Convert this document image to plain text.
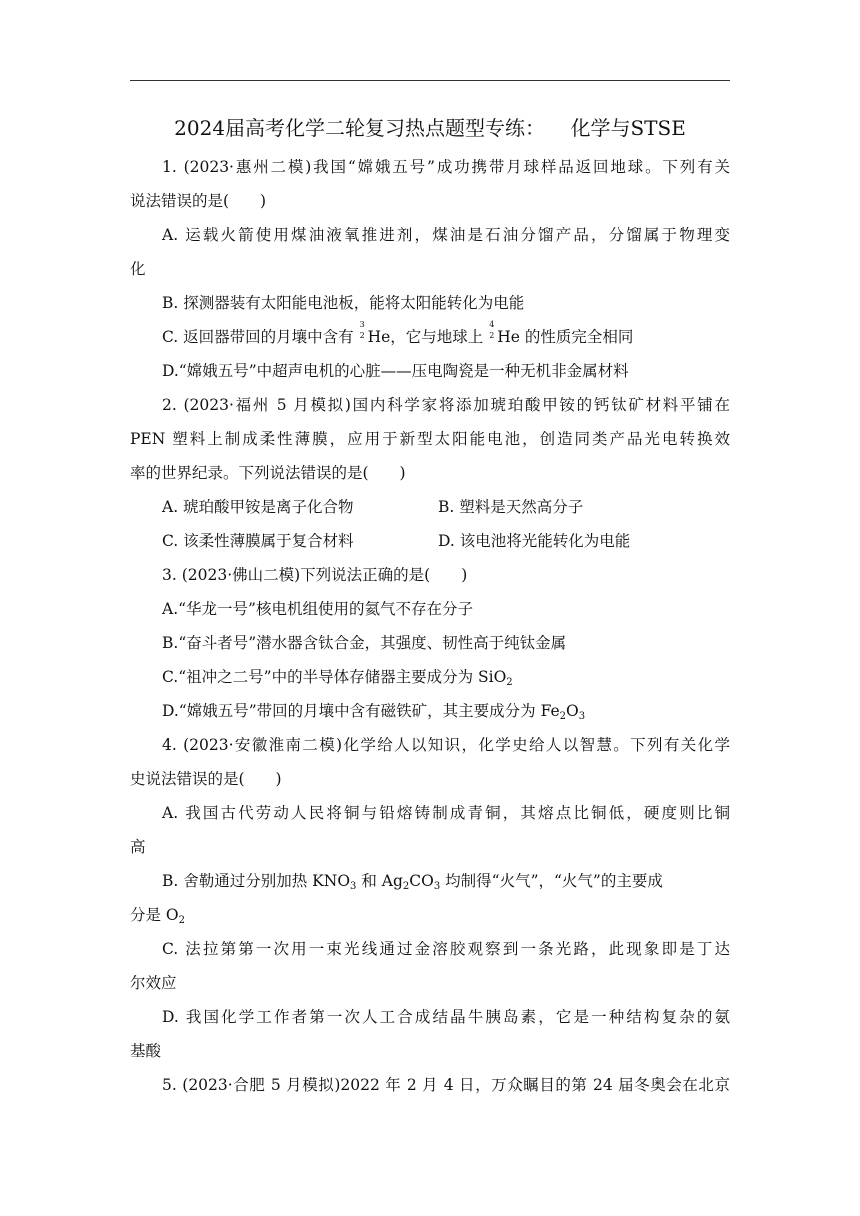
2024届高考化学二轮复习热点题型专练：    化学与STSE
1. (2023·惠州二模)我国“嫦娥五号”成功携带月球样品返回地球。下列有关
说法错误的是(　　)
A. 运载火箭使用煤油液氧推进剂，煤油是石油分馏产品，分馏属于物理变
化
B. 探测器装有太阳能电池板，能将太阳能转化为电能
C. 返回器带回的月壤中含有
3
2 He，它与地球上
4
2 He 的性质完全相同
D.“嫦娥五号”中超声电机的心脏——压电陶瓷是一种无机非金属材料
2. (2023·福州 5 月模拟)国内科学家将添加琥珀酸甲铵的钙钛矿材料平铺在
PEN 塑料上制成柔性薄膜，应用于新型太阳能电池，创造同类产品光电转换效
率的世界纪录。下列说法错误的是(　　)
A. 琥珀酸甲铵是离子化合物	B. 塑料是天然高分子
C. 该柔性薄膜属于复合材料	D. 该电池将光能转化为电能
3. (2023·佛山二模)下列说法正确的是(　　)
A.“华龙一号”核电机组使用的氦气不存在分子
B.“奋斗者号”潜水器含钛合金，其强度、韧性高于纯钛金属
C.“祖冲之二号”中的半导体存储器主要成分为 SiO$_2$
D.“嫦娥五号”带回的月壤中含有磁铁矿，其主要成分为 $Fe_2O_3$
4. (2023·安徽淮南二模)化学给人以知识，化学史给人以智慧。下列有关化学
史说法错误的是(　　)
A. 我国古代劳动人民将铜与铅熔铸制成青铜，其熔点比铜低，硬度则比铜
高
B. 舍勒通过分别加热 $KNO_3$ 和 $Ag_2CO_3$ 均制得“火气”，“火气”的主要成
分是 $O_2$
C. 法拉第第一次用一束光线通过金溶胶观察到一条光路，此现象即是丁达
尔效应
D. 我国化学工作者第一次人工合成结晶牛胰岛素，它是一种结构复杂的氨
基酸
5. (2023·合肥 5 月模拟)2022 年 2 月 4 日，万众瞩目的第 24 届冬奥会在北京
